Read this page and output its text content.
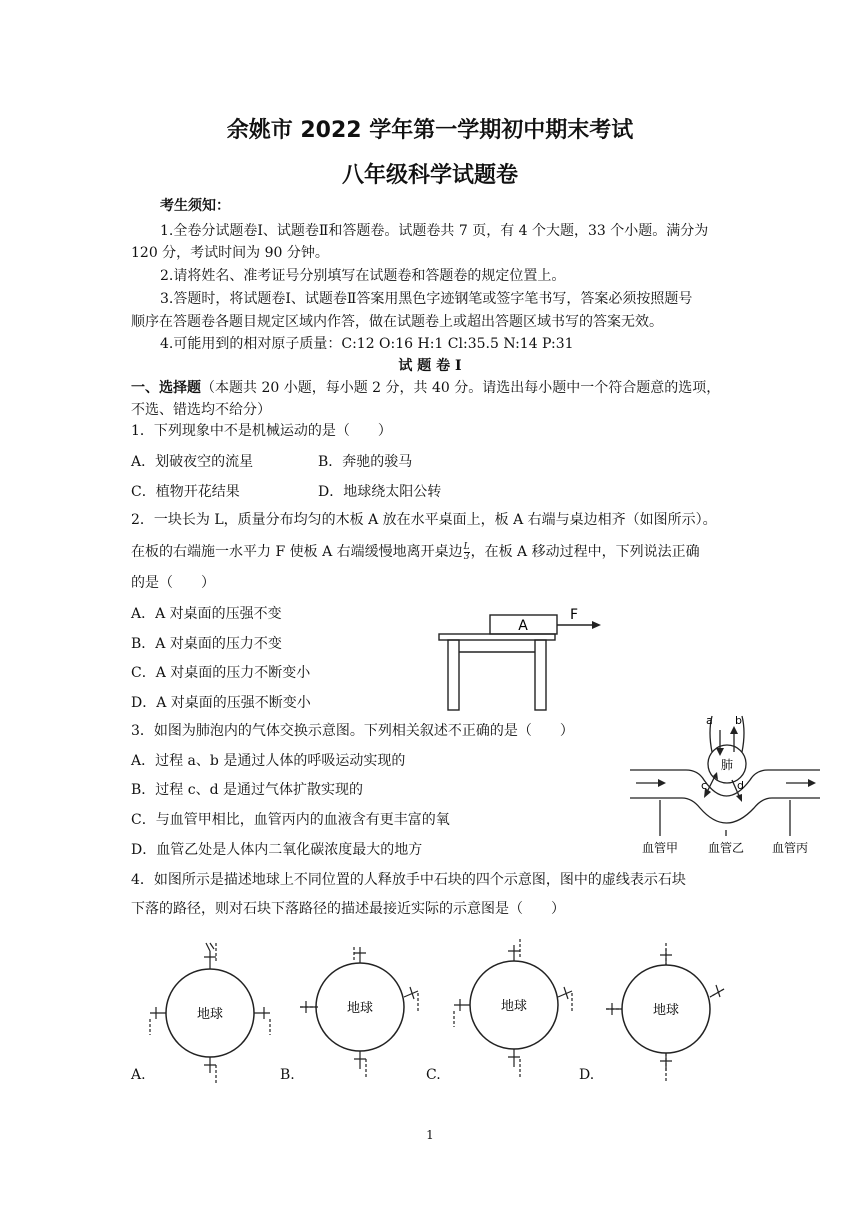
余姚市 2022 学年第一学期初中期末考试
八年级科学试题卷
考生须知：
1.全卷分试题卷Ⅰ、试题卷Ⅱ和答题卷。试题卷共 7 页，有 4 个大题，33 个小题。满分为
120 分，考试时间为 90 分钟。
2.请将姓名、准考证号分别填写在试题卷和答题卷的规定位置上。
3.答题时，将试题卷Ⅰ、试题卷Ⅱ答案用黑色字迹钢笔或签字笔书写，答案必须按照题号
顺序在答题卷各题目规定区域内作答，做在试题卷上或超出答题区域书写的答案无效。
4.可能用到的相对原子质量：C:12 O:16 H:1 Cl:35.5 N:14 P:31
试 题 卷 Ⅰ
一、选择题（本题共 20 小题，每小题 2 分，共 40 分。请选出每小题中一个符合题意的选项，
不选、错选均不给分）
1．下列现象中不是机械运动的是（　　）
A．划破夜空的流星	B．奔驰的骏马
C．植物开花结果	D．地球绕太阳公转
2．一块长为 L，质量分布均匀的木板 A 放在水平桌面上，板 A 右端与桌边相齐（如图所示）。
在板的右端施一水平力 F 使板 A 右端缓慢地离开桌边 $\frac{L}{3}$ ，在板 A 移动过程中，下列说法正确
的是（　　）
A．A 对桌面的压强不变
B．A 对桌面的压力不变
C．A 对桌面的压力不断变小
D．A 对桌面的压强不断变小
A
F
3．如图为肺泡内的气体交换示意图。下列相关叙述不正确的是（　　）
A．过程 a、b 是通过人体的呼吸运动实现的
B．过程 c、d 是通过气体扩散实现的
C．与血管甲相比，血管丙内的血液含有更丰富的氧
D．血管乙处是人体内二氧化碳浓度最大的地方
a b
c	d
肺
血管甲 血管乙 血管丙
4．如图所示是描述地球上不同位置的人释放手中石块的四个示意图，图中的虚线表示石块
下落的路径，则对石块下落路径的描述最接近实际的示意图是（　　）
地球	地球	地球	地球
A.	B.	C.	D.
1
